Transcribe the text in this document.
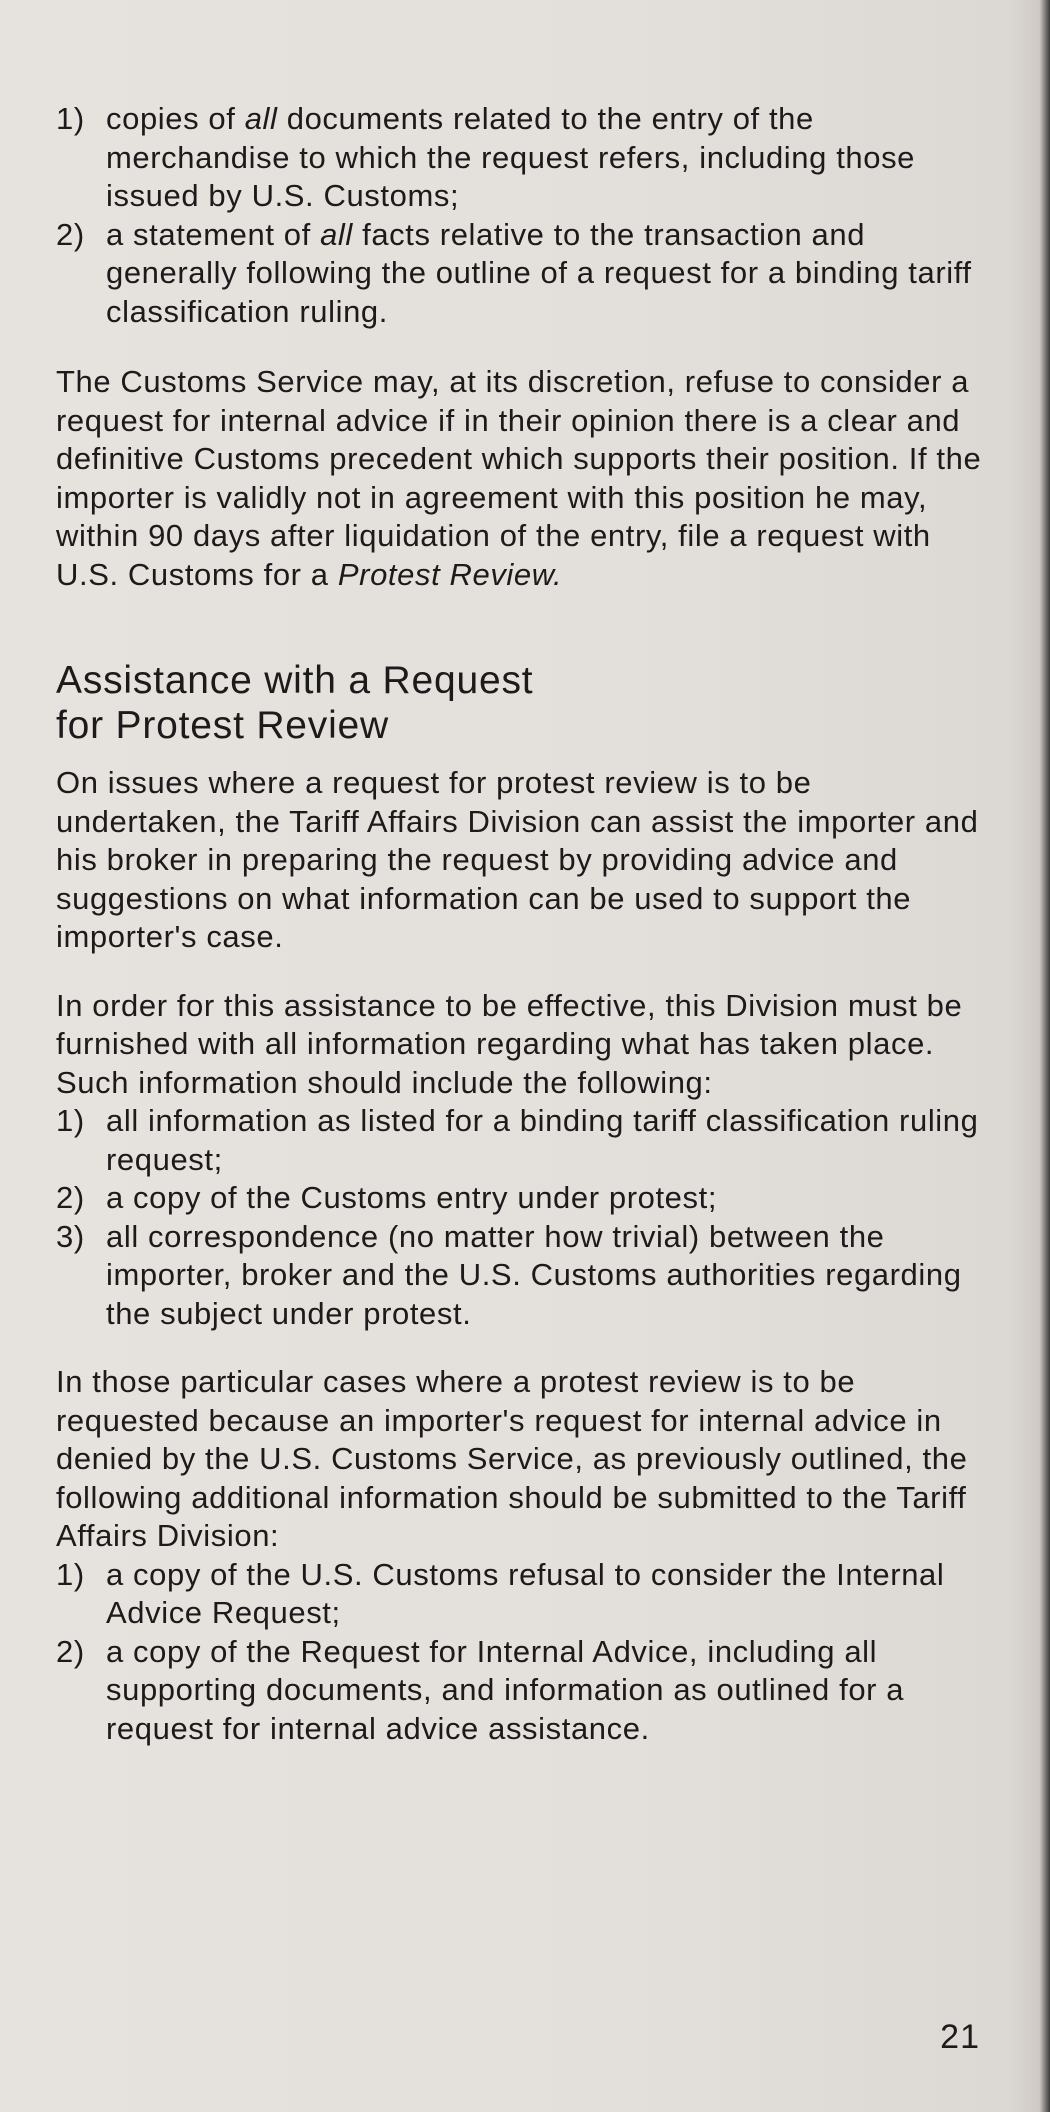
1) copies of all documents related to the entry of the merchandise to which the request refers, including those issued by U.S. Customs;
2) a statement of all facts relative to the transaction and generally following the outline of a request for a binding tariff classification ruling.

The Customs Service may, at its discretion, refuse to consider a request for internal advice if in their opinion there is a clear and definitive Customs precedent which supports their position. If the importer is validly not in agreement with this position he may, within 90 days after liquidation of the entry, file a request with U.S. Customs for a Protest Review.

Assistance with a Request
for Protest Review

On issues where a request for protest review is to be undertaken, the Tariff Affairs Division can assist the importer and his broker in preparing the request by providing advice and suggestions on what information can be used to support the importer's case.

In order for this assistance to be effective, this Division must be furnished with all information regarding what has taken place. Such information should include the following:

1) all information as listed for a binding tariff classification ruling request;
2) a copy of the Customs entry under protest;
3) all correspondence (no matter how trivial) between the importer, broker and the U.S. Customs authorities regarding the subject under protest.

In those particular cases where a protest review is to be requested because an importer's request for internal advice in denied by the U.S. Customs Service, as previously outlined, the following additional information should be submitted to the Tariff Affairs Division:

1) a copy of the U.S. Customs refusal to consider the Internal Advice Request;
2) a copy of the Request for Internal Advice, including all supporting documents, and information as outlined for a request for internal advice assistance.
21
